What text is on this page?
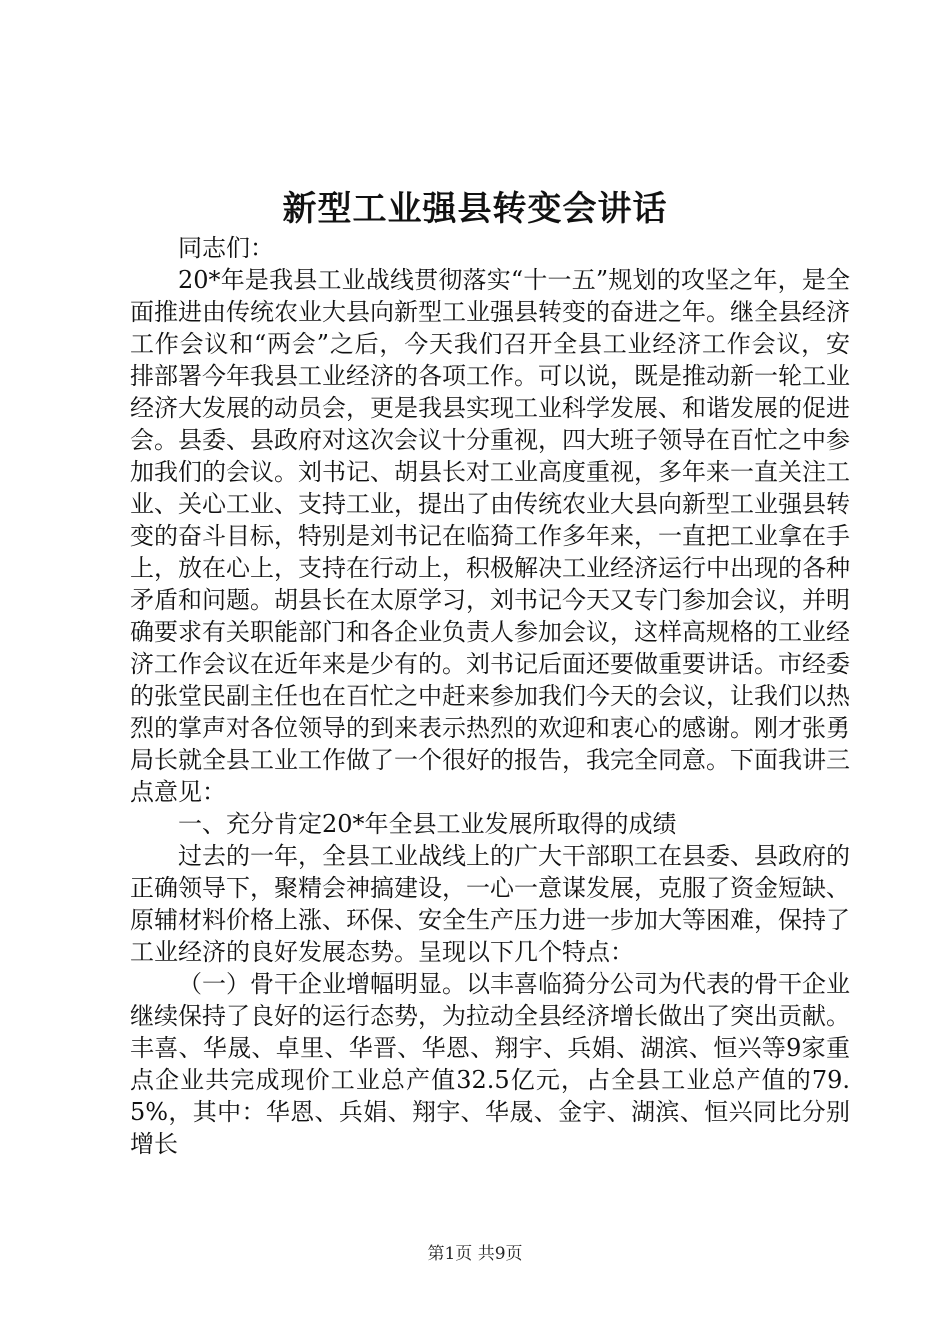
新型工业强县转变会讲话

同志们：

20*年是我县工业战线贯彻落实“十一五”规划的攻坚之年，是全面推进由传统农业大县向新型工业强县转变的奋进之年。继全县经济工作会议和“两会”之后，今天我们召开全县工业经济工作会议，安排部署今年我县工业经济的各项工作。可以说，既是推动新一轮工业经济大发展的动员会，更是我县实现工业科学发展、和谐发展的促进会。县委、县政府对这次会议十分重视，四大班子领导在百忙之中参加我们的会议。刘书记、胡县长对工业高度重视，多年来一直关注工业、关心工业、支持工业，提出了由传统农业大县向新型工业强县转变的奋斗目标，特别是刘书记在临猗工作多年来，一直把工业拿在手上，放在心上，支持在行动上，积极解决工业经济运行中出现的各种矛盾和问题。胡县长在太原学习，刘书记今天又专门参加会议，并明确要求有关职能部门和各企业负责人参加会议，这样高规格的工业经济工作会议在近年来是少有的。刘书记后面还要做重要讲话。市经委的张堂民副主任也在百忙之中赶来参加我们今天的会议，让我们以热烈的掌声对各位领导的到来表示热烈的欢迎和衷心的感谢。刚才张勇局长就全县工业工作做了一个很好的报告，我完全同意。下面我讲三点意见：

一、充分肯定20*年全县工业发展所取得的成绩

过去的一年，全县工业战线上的广大干部职工在县委、县政府的正确领导下，聚精会神搞建设，一心一意谋发展，克服了资金短缺、原辅材料价格上涨、环保、安全生产压力进一步加大等困难，保持了工业经济的良好发展态势。呈现以下几个特点：

（一）骨干企业增幅明显。以丰喜临猗分公司为代表的骨干企业继续保持了良好的运行态势，为拉动全县经济增长做出了突出贡献。丰喜、华晟、卓里、华晋、华恩、翔宇、兵娟、湖滨、恒兴等9家重点企业共完成现价工业总产值32.5亿元，占全县工业总产值的79.5%，其中：华恩、兵娟、翔宇、华晟、金宇、湖滨、恒兴同比分别增长

第1页 共9页
